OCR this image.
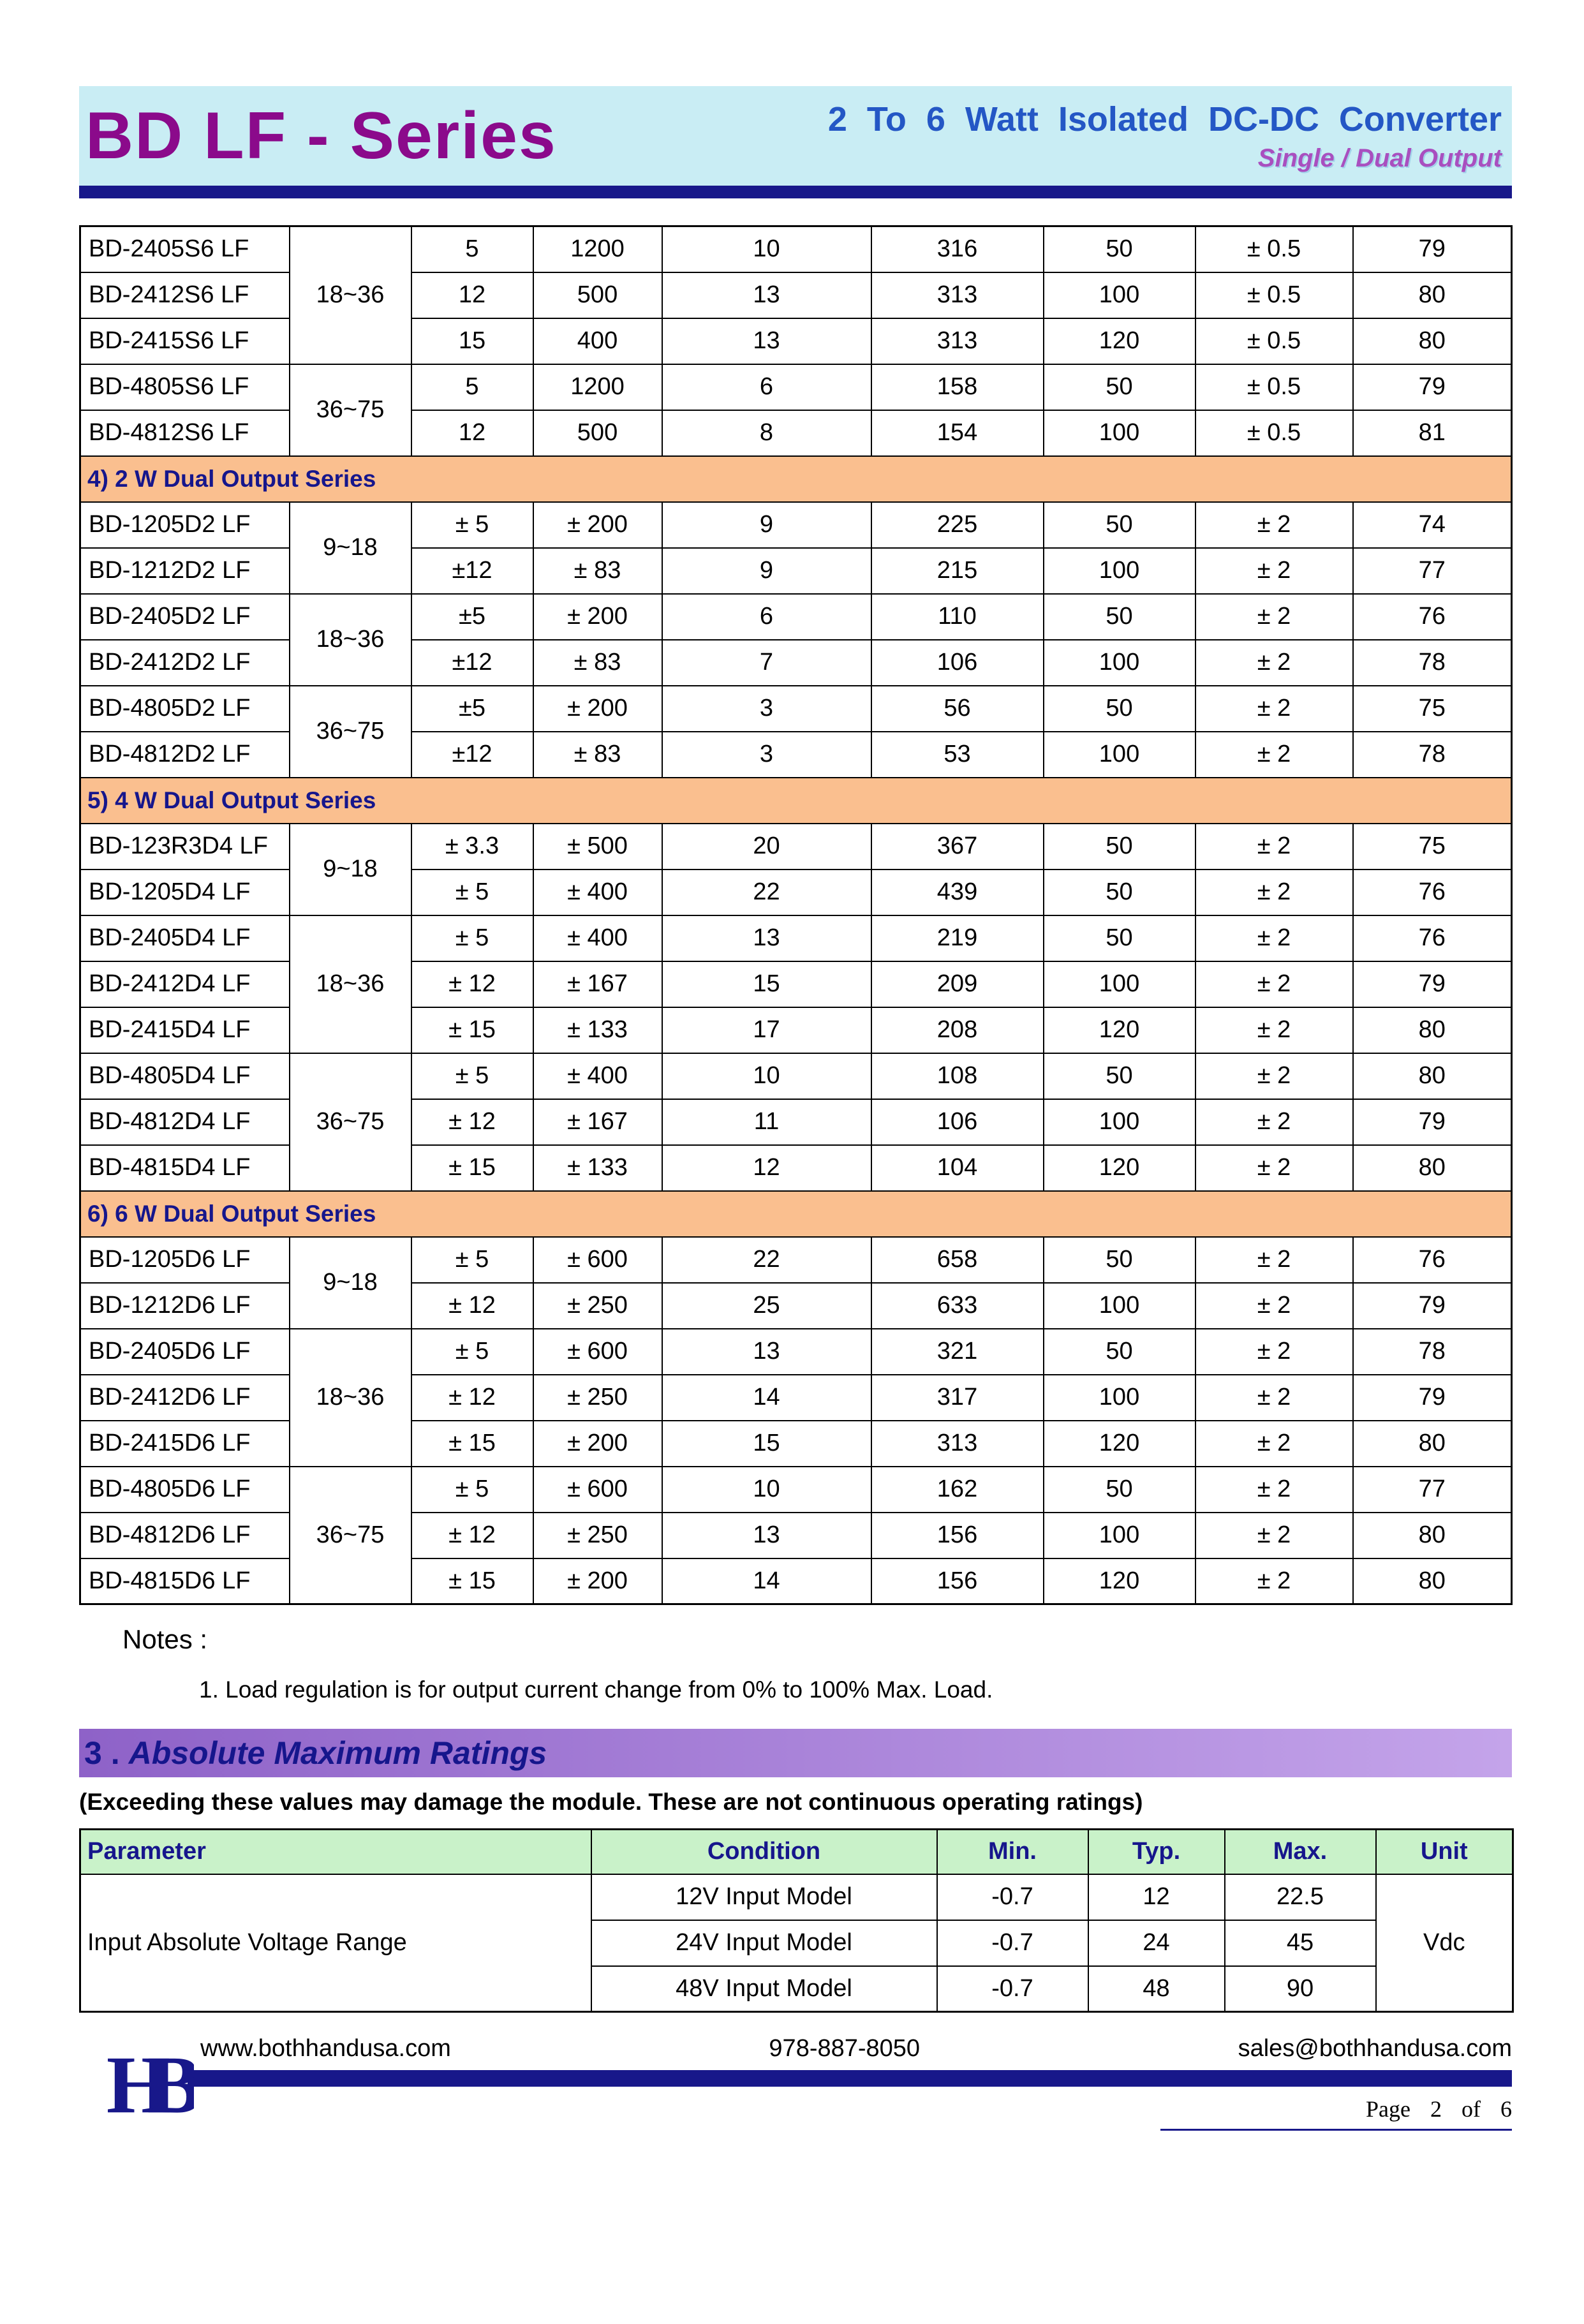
BD LF - Series	2 To 6 Watt Isolated DC-DC Converter
Single / Dual Output
BD-2405S6 LF	18~36	5	1200	10	316	50	± 0.5	79
BD-2412S6 LF		12	500	13	313	100	± 0.5	80
BD-2415S6 LF		15	400	13	313	120	± 0.5	80
BD-4805S6 LF	36~75	5	1200	6	158	50	± 0.5	79
BD-4812S6 LF		12	500	8	154	100	± 0.5	81
4) 2 W Dual Output Series								
BD-1205D2 LF	9~18	± 5	± 200	9	225	50	± 2	74
BD-1212D2 LF		±12	± 83	9	215	100	± 2	77
BD-2405D2 LF	18~36	±5	± 200	6	110	50	± 2	76
BD-2412D2 LF		±12	± 83	7	106	100	± 2	78
BD-4805D2 LF	36~75	±5	± 200	3	56	50	± 2	75
BD-4812D2 LF		±12	± 83	3	53	100	± 2	78
5) 4 W Dual Output Series								
BD-123R3D4 LF	9~18	± 3.3	± 500	20	367	50	± 2	75
BD-1205D4 LF		± 5	± 400	22	439	50	± 2	76
BD-2405D4 LF	18~36	± 5	± 400	13	219	50	± 2	76
BD-2412D4 LF		± 12	± 167	15	209	100	± 2	79
BD-2415D4 LF		± 15	± 133	17	208	120	± 2	80
BD-4805D4 LF	36~75	± 5	± 400	10	108	50	± 2	80
BD-4812D4 LF		± 12	± 167	11	106	100	± 2	79
BD-4815D4 LF		± 15	± 133	12	104	120	± 2	80
6) 6 W Dual Output Series								
BD-1205D6 LF	9~18	± 5	± 600	22	658	50	± 2	76
BD-1212D6 LF		± 12	± 250	25	633	100	± 2	79
BD-2405D6 LF	18~36	± 5	± 600	13	321	50	± 2	78
BD-2412D6 LF		± 12	± 250	14	317	100	± 2	79
BD-2415D6 LF		± 15	± 200	15	313	120	± 2	80
BD-4805D6 LF	36~75	± 5	± 600	10	162	50	± 2	77
BD-4812D6 LF		± 12	± 250	13	156	100	± 2	80
BD-4815D6 LF		± 15	± 200	14	156	120	± 2	80
Notes :
1. Load regulation is for output current change from 0% to 100% Max. Load.
3 . Absolute Maximum Ratings
(Exceeding these values may damage the module. These are not continuous operating ratings)
Parameter	Condition	Min.	Typ.	Max.	Unit
Input Absolute Voltage Range	12V Input Model	-0.7	12	22.5	Vdc
	24V Input Model	-0.7	24	45	
	48V Input Model	-0.7	48	90	
HB www.bothhandusa.com	978-887-8050	sales@bothhandusa.com
Page 2 of 6
